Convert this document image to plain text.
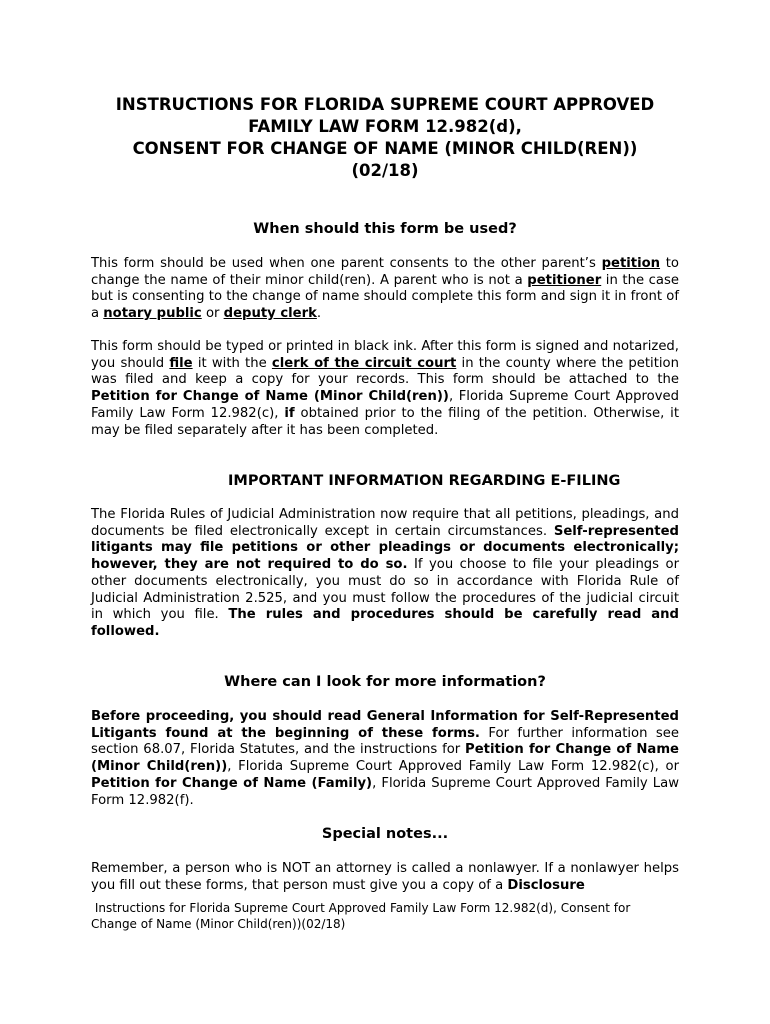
INSTRUCTIONS FOR FLORIDA SUPREME COURT APPROVED
FAMILY LAW FORM 12.982(d),
CONSENT FOR CHANGE OF NAME (MINOR CHILD(REN))
(02/18)
When should this form be used?
This form should be used when one parent consents to the other parent’s petition to change the name of their minor child(ren). A parent who is not a petitioner in the case but is consenting to the change of name should complete this form and sign it in front of a notary public or deputy clerk.
This form should be typed or printed in black ink. After this form is signed and notarized, you should file it with the clerk of the circuit court in the county where the petition was filed and keep a copy for your records. This form should be attached to the Petition for Change of Name (Minor Child(ren)), Florida Supreme Court Approved Family Law Form 12.982(c), if obtained prior to the filing of the petition. Otherwise, it may be filed separately after it has been completed.
IMPORTANT INFORMATION REGARDING E-FILING
The Florida Rules of Judicial Administration now require that all petitions, pleadings, and documents be filed electronically except in certain circumstances. Self-represented litigants may file petitions or other pleadings or documents electronically; however, they are not required to do so. If you choose to file your pleadings or other documents electronically, you must do so in accordance with Florida Rule of Judicial Administration 2.525, and you must follow the procedures of the judicial circuit in which you file. The rules and procedures should be carefully read and followed.
Where can I look for more information?
Before proceeding, you should read General Information for Self-Represented Litigants found at the beginning of these forms. For further information see section 68.07, Florida Statutes, and the instructions for Petition for Change of Name (Minor Child(ren)), Florida Supreme Court Approved Family Law Form 12.982(c), or Petition for Change of Name (Family), Florida Supreme Court Approved Family Law Form 12.982(f).
Special notes...
Remember, a person who is NOT an attorney is called a nonlawyer. If a nonlawyer helps you fill out these forms, that person must give you a copy of a Disclosure
Instructions for Florida Supreme Court Approved Family Law Form 12.982(d), Consent for
Change of Name (Minor Child(ren))(02/18)
